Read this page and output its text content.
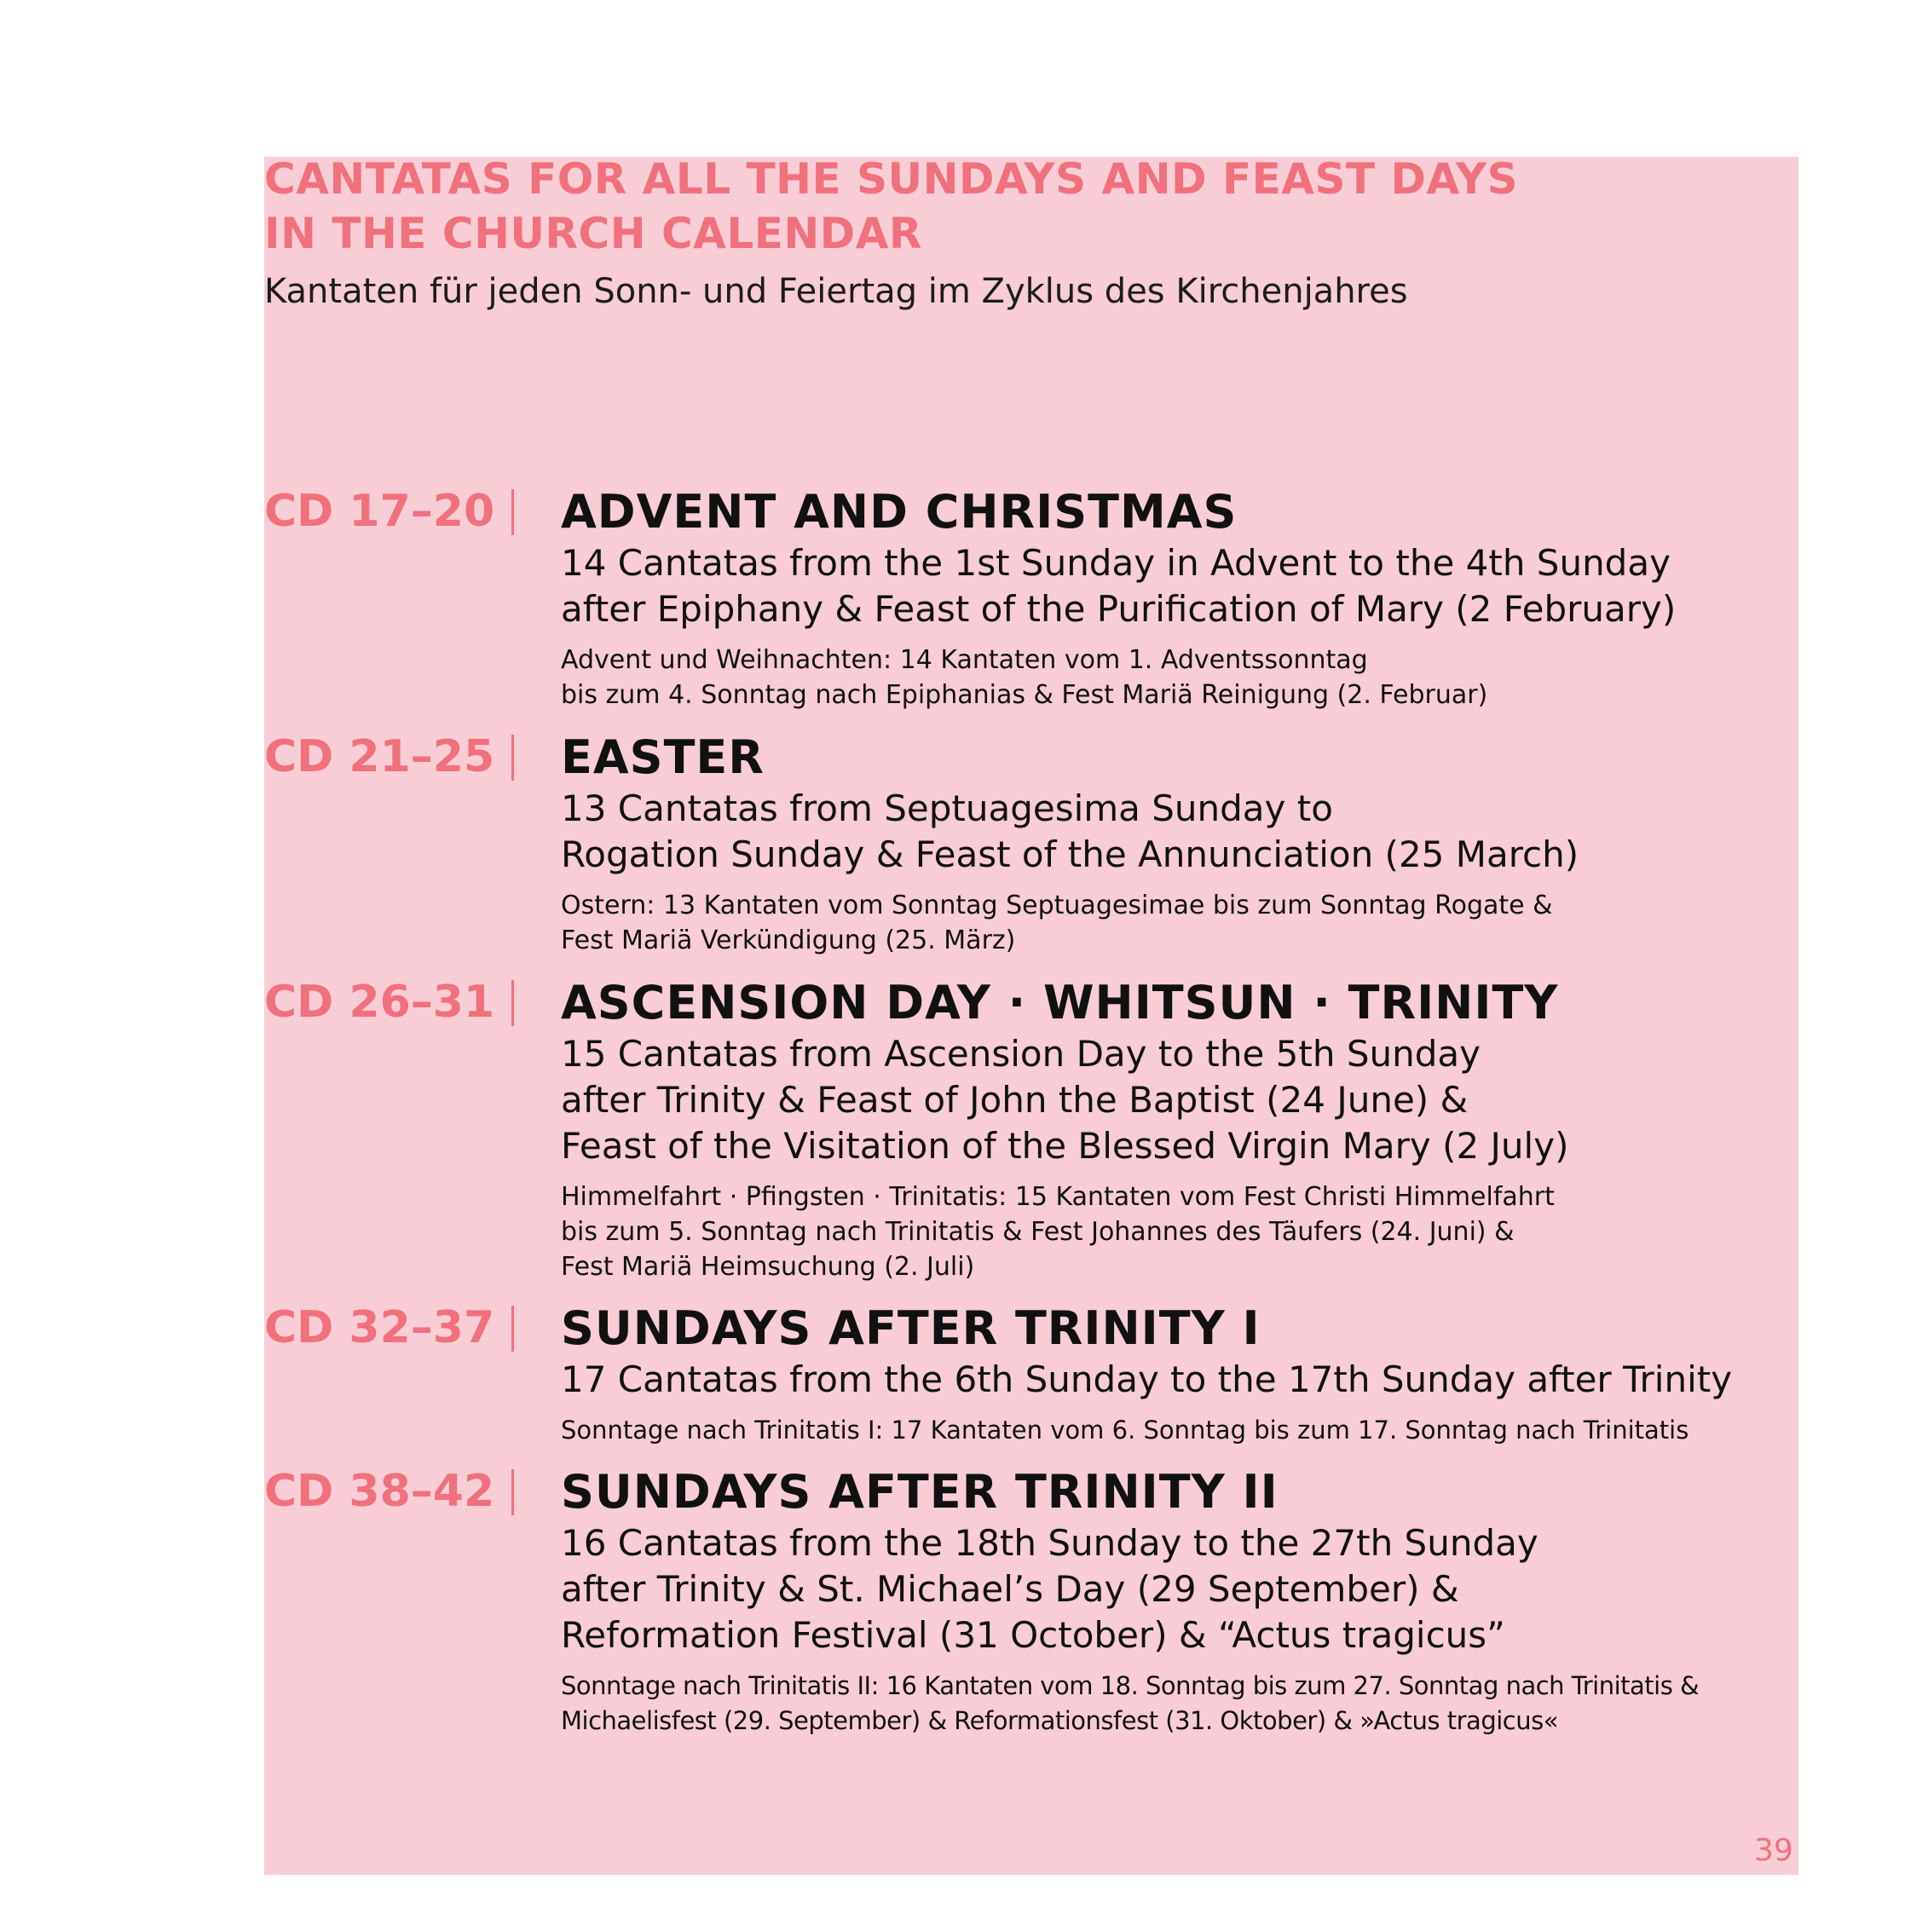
CANTATAS FOR ALL THE SUNDAYS AND FEAST DAYS
IN THE CHURCH CALENDAR
Kantaten für jeden Sonn- und Feiertag im Zyklus des Kirchenjahres
CD 17–20 ADVENT AND CHRISTMAS
14 Cantatas from the 1st Sunday in Advent to the 4th Sunday
after Epiphany & Feast of the Purification of Mary (2 February)
Advent und Weihnachten: 14 Kantaten vom 1. Adventssonntag
bis zum 4. Sonntag nach Epiphanias & Fest Mariä Reinigung (2. Februar)
CD 21–25 EASTER
13 Cantatas from Septuagesima Sunday to
Rogation Sunday & Feast of the Annunciation (25 March)
Ostern: 13 Kantaten vom Sonntag Septuagesimae bis zum Sonntag Rogate &
Fest Mariä Verkündigung (25. März)
CD 26–31 ASCENSION DAY · WHITSUN · TRINITY
15 Cantatas from Ascension Day to the 5th Sunday
after Trinity & Feast of John the Baptist (24 June) &
Feast of the Visitation of the Blessed Virgin Mary (2 July)
Himmelfahrt · Pfingsten · Trinitatis: 15 Kantaten vom Fest Christi Himmelfahrt
bis zum 5. Sonntag nach Trinitatis & Fest Johannes des Täufers (24. Juni) &
Fest Mariä Heimsuchung (2. Juli)
CD 32–37 SUNDAYS AFTER TRINITY I
17 Cantatas from the 6th Sunday to the 17th Sunday after Trinity
Sonntage nach Trinitatis I: 17 Kantaten vom 6. Sonntag bis zum 17. Sonntag nach Trinitatis
CD 38–42 SUNDAYS AFTER TRINITY II
16 Cantatas from the 18th Sunday to the 27th Sunday
after Trinity & St. Michael’s Day (29 September) &
Reformation Festival (31 October) & “Actus tragicus”
Sonntage nach Trinitatis II: 16 Kantaten vom 18. Sonntag bis zum 27. Sonntag nach Trinitatis &
Michaelisfest (29. September) & Reformationsfest (31. Oktober) & »Actus tragicus«
39
